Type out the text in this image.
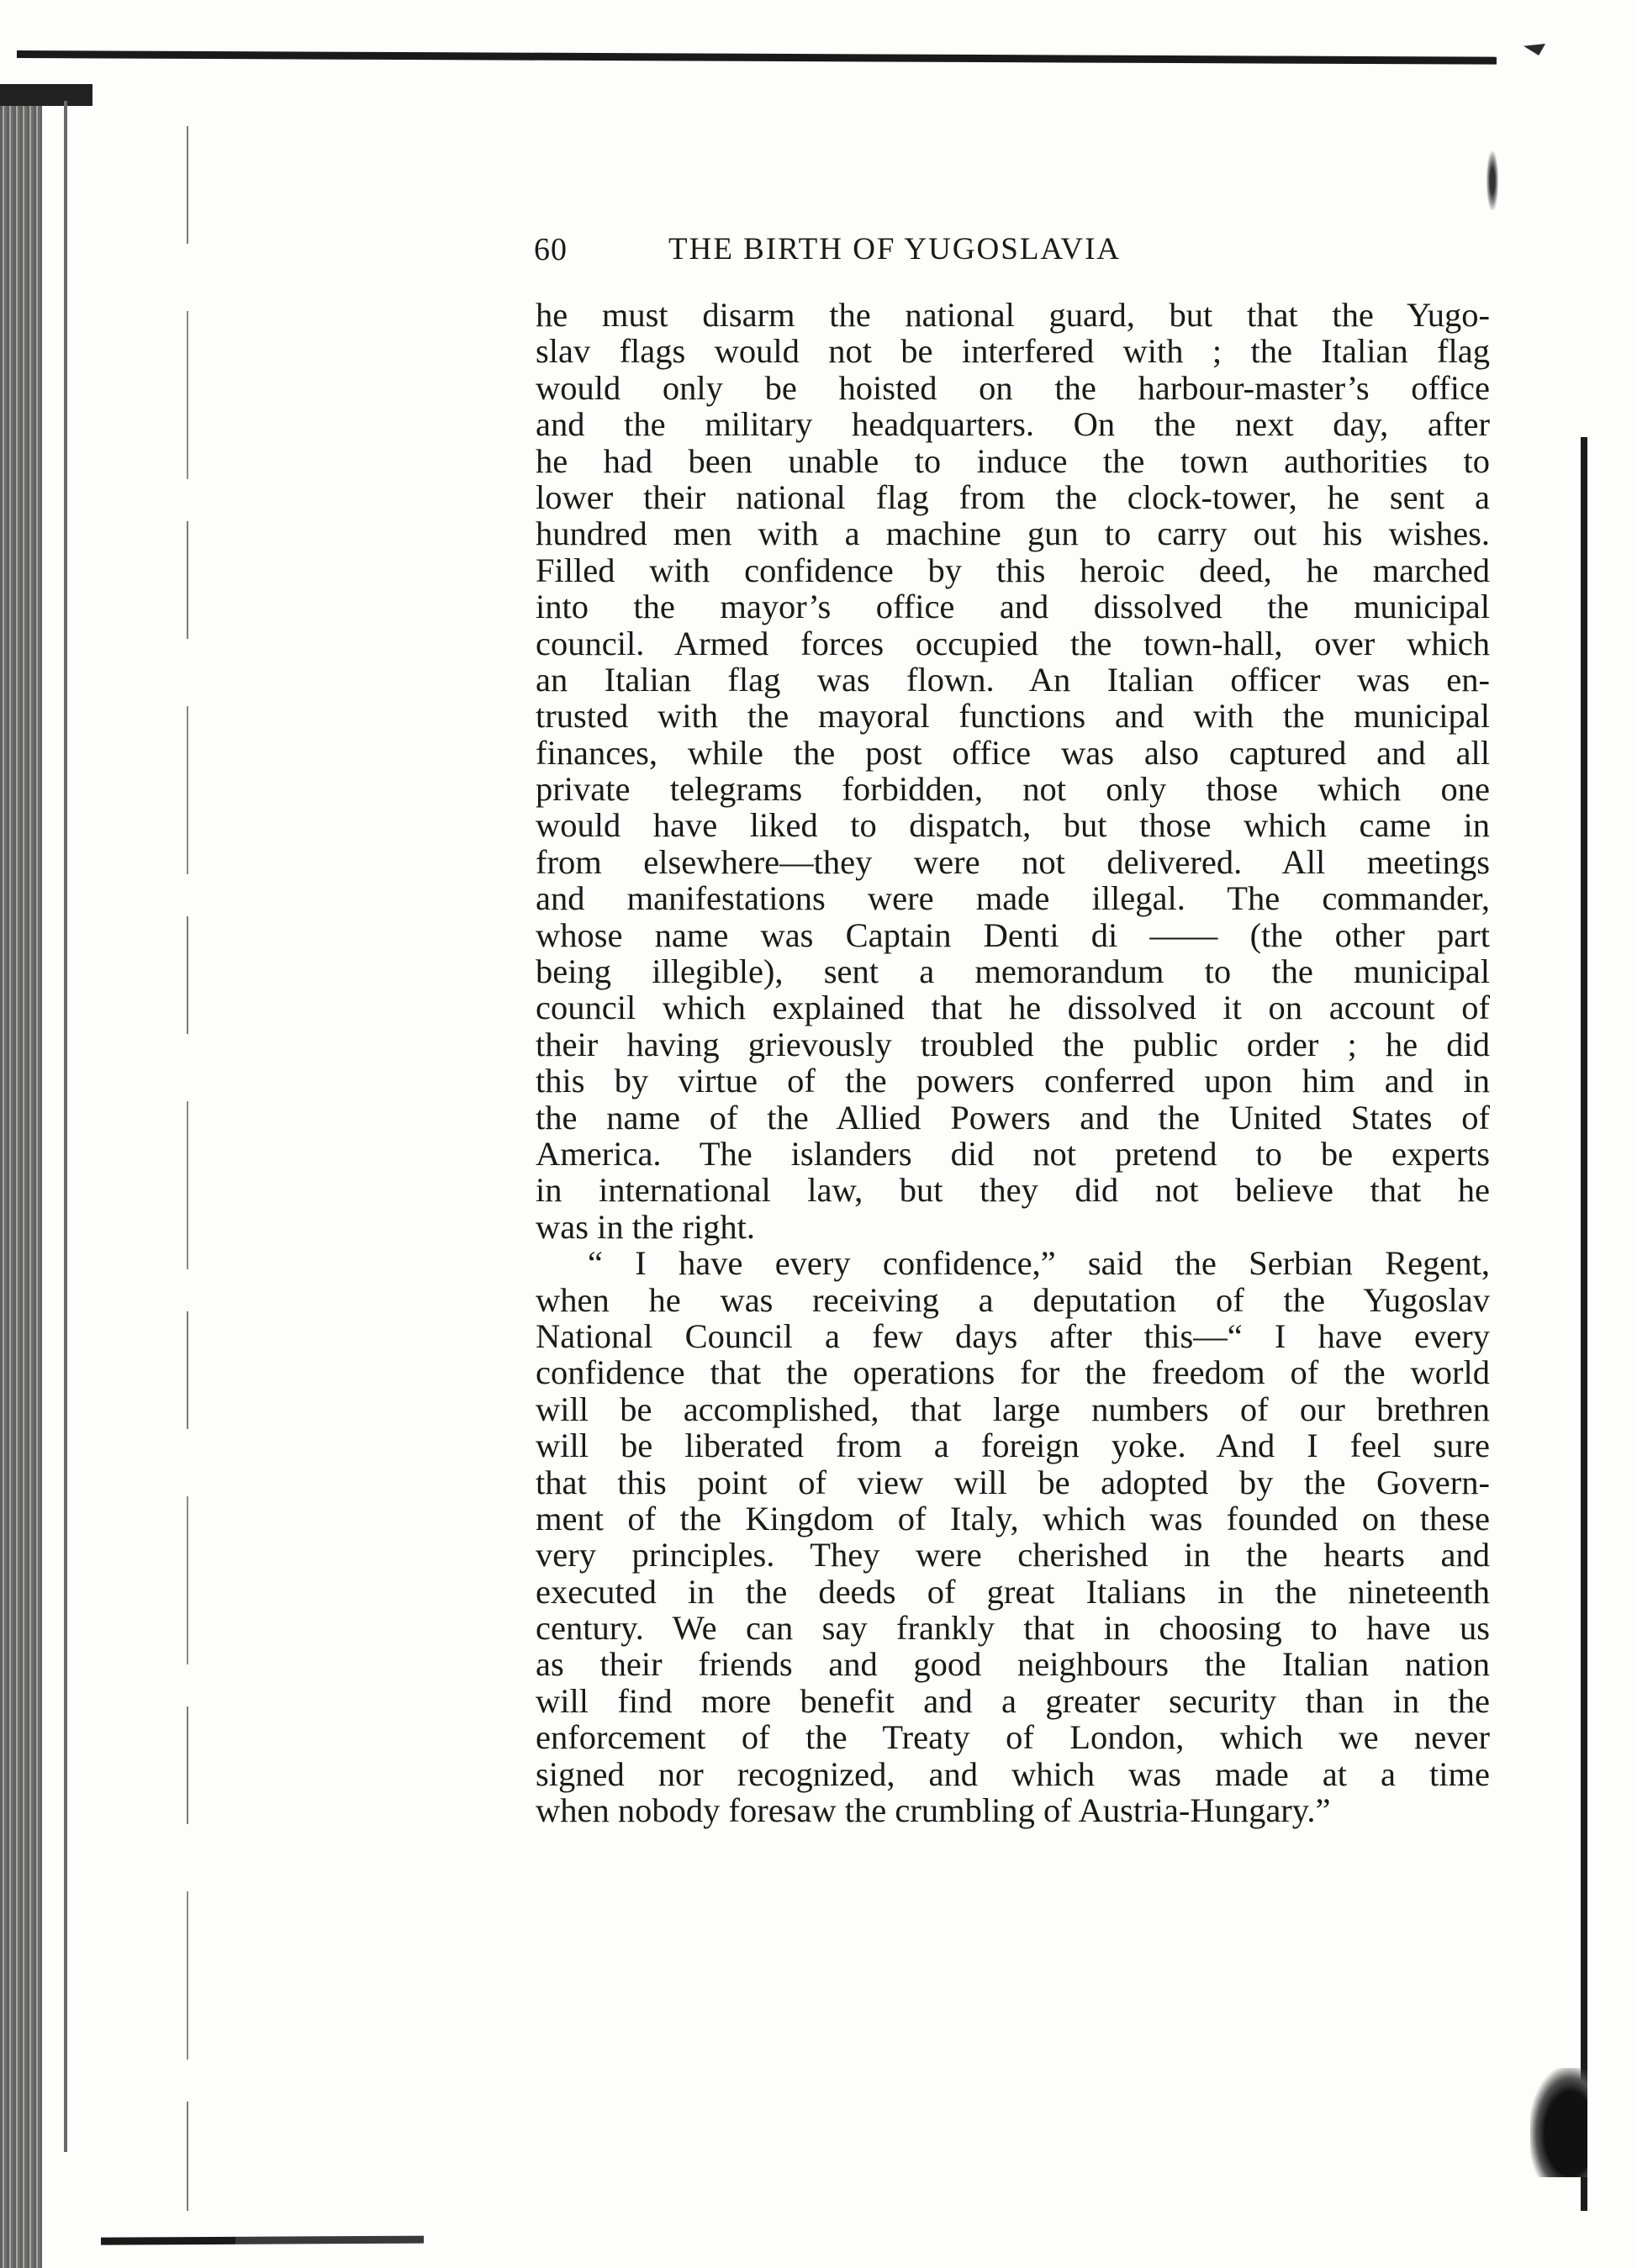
60	THE BIRTH OF YUGOSLAVIA
he must disarm the national guard, but that the Yugo-
slav flags would not be interfered with ; the Italian flag
would only be hoisted on the harbour-master’s office
and the military headquarters. On the next day, after
he had been unable to induce the town authorities to
lower their national flag from the clock-tower, he sent a
hundred men with a machine gun to carry out his wishes.
Filled with confidence by this heroic deed, he marched
into the mayor’s office and dissolved the municipal
council. Armed forces occupied the town-hall, over which
an Italian flag was flown. An Italian officer was en-
trusted with the mayoral functions and with the municipal
finances, while the post office was also captured and all
private telegrams forbidden, not only those which one
would have liked to dispatch, but those which came in
from elsewhere—they were not delivered. All meetings
and manifestations were made illegal. The commander,
whose name was Captain Denti di —— (the other part
being illegible), sent a memorandum to the municipal
council which explained that he dissolved it on account of
their having grievously troubled the public order ; he did
this by virtue of the powers conferred upon him and in
the name of the Allied Powers and the United States of
America. The islanders did not pretend to be experts
in international law, but they did not believe that he
was in the right.
“ I have every confidence,” said the Serbian Regent,
when he was receiving a deputation of the Yugoslav
National Council a few days after this—“ I have every
confidence that the operations for the freedom of the world
will be accomplished, that large numbers of our brethren
will be liberated from a foreign yoke. And I feel sure
that this point of view will be adopted by the Govern-
ment of the Kingdom of Italy, which was founded on these
very principles. They were cherished in the hearts and
executed in the deeds of great Italians in the nineteenth
century. We can say frankly that in choosing to have us
as their friends and good neighbours the Italian nation
will find more benefit and a greater security than in the
enforcement of the Treaty of London, which we never
signed nor recognized, and which was made at a time
when nobody foresaw the crumbling of Austria-Hungary.”
